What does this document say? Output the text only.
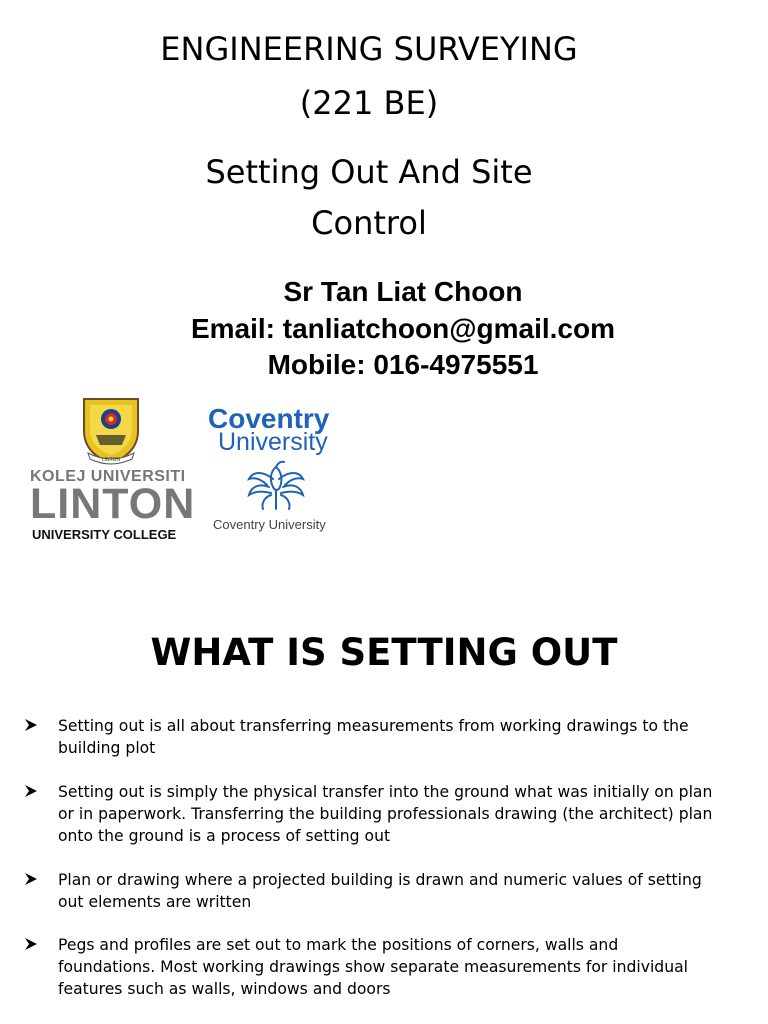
ENGINEERING SURVEYING
(221 BE)
Setting Out And Site
Control
Sr Tan Liat Choon
Email: tanliatchoon@gmail.com
Mobile: 016-4975551
LINTON
KOLEJ UNIVERSITI
LINTON
UNIVERSITY COLLEGE
Coventry
University
Coventry University
WHAT IS SETTING OUT
Setting out is all about transferring measurements from working drawings to the
building plot
Setting out is simply the physical transfer into the ground what was initially on plan
or in paperwork. Transferring the building professionals drawing (the architect) plan
onto the ground is a process of setting out
Plan or drawing where a projected building is drawn and numeric values of setting
out elements are written
Pegs and profiles are set out to mark the positions of corners, walls and
foundations. Most working drawings show separate measurements for individual
features such as walls, windows and doors
